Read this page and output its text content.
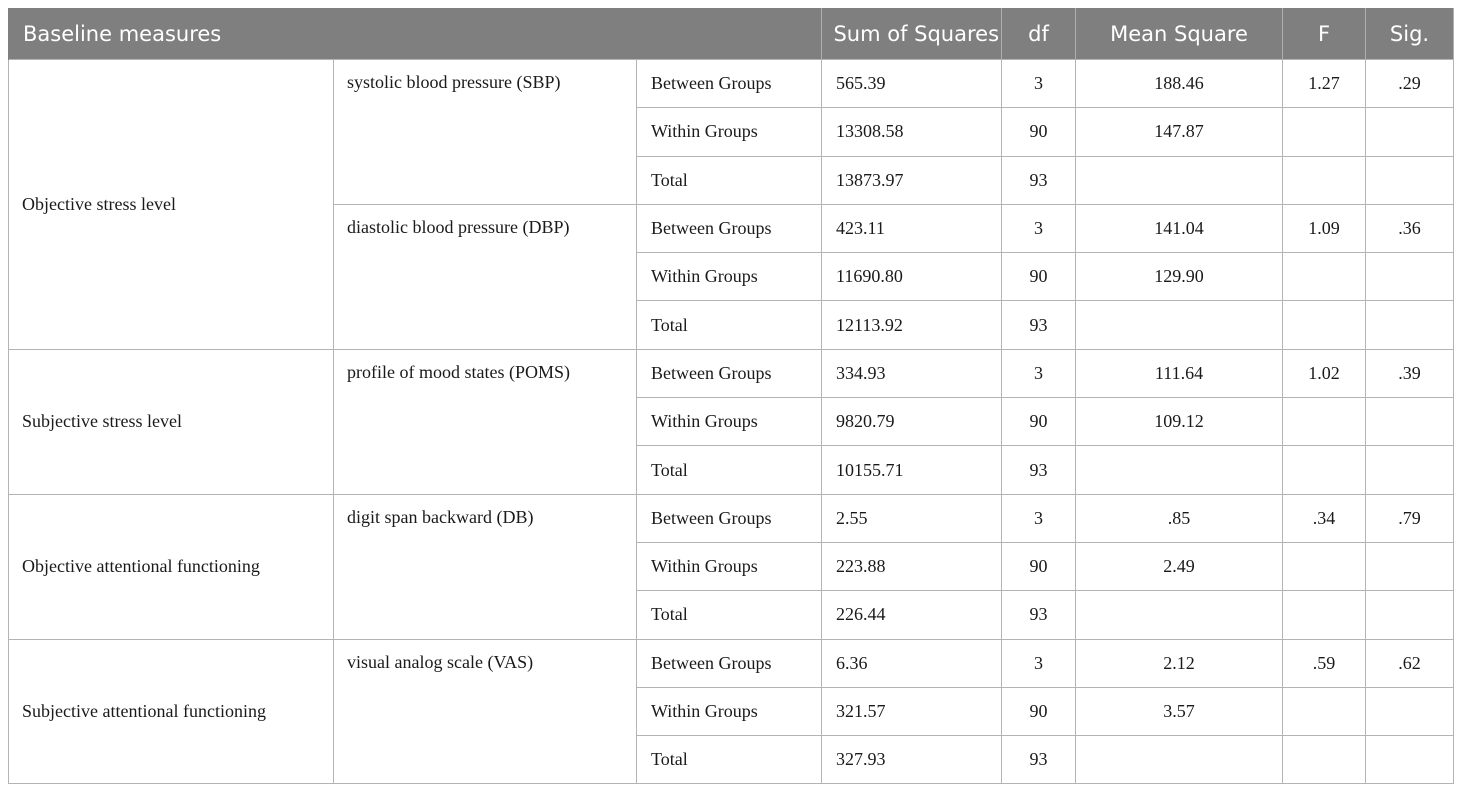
Baseline measures			Sum of Squares	df	Mean Square	F	Sig.
Objective stress level	systolic blood pressure (SBP)	Between Groups	565.39	3	188.46	1.27	.29
		Within Groups	13308.58	90	147.87		
		Total	13873.97	93			
	diastolic blood pressure (DBP)	Between Groups	423.11	3	141.04	1.09	.36
		Within Groups	11690.80	90	129.90		
		Total	12113.92	93			
Subjective stress level	profile of mood states (POMS)	Between Groups	334.93	3	111.64	1.02	.39
		Within Groups	9820.79	90	109.12		
		Total	10155.71	93			
Objective attentional functioning	digit span backward (DB)	Between Groups	2.55	3	.85	.34	.79
		Within Groups	223.88	90	2.49		
		Total	226.44	93			
Subjective attentional functioning	visual analog scale (VAS)	Between Groups	6.36	3	2.12	.59	.62
		Within Groups	321.57	90	3.57		
		Total	327.93	93			
